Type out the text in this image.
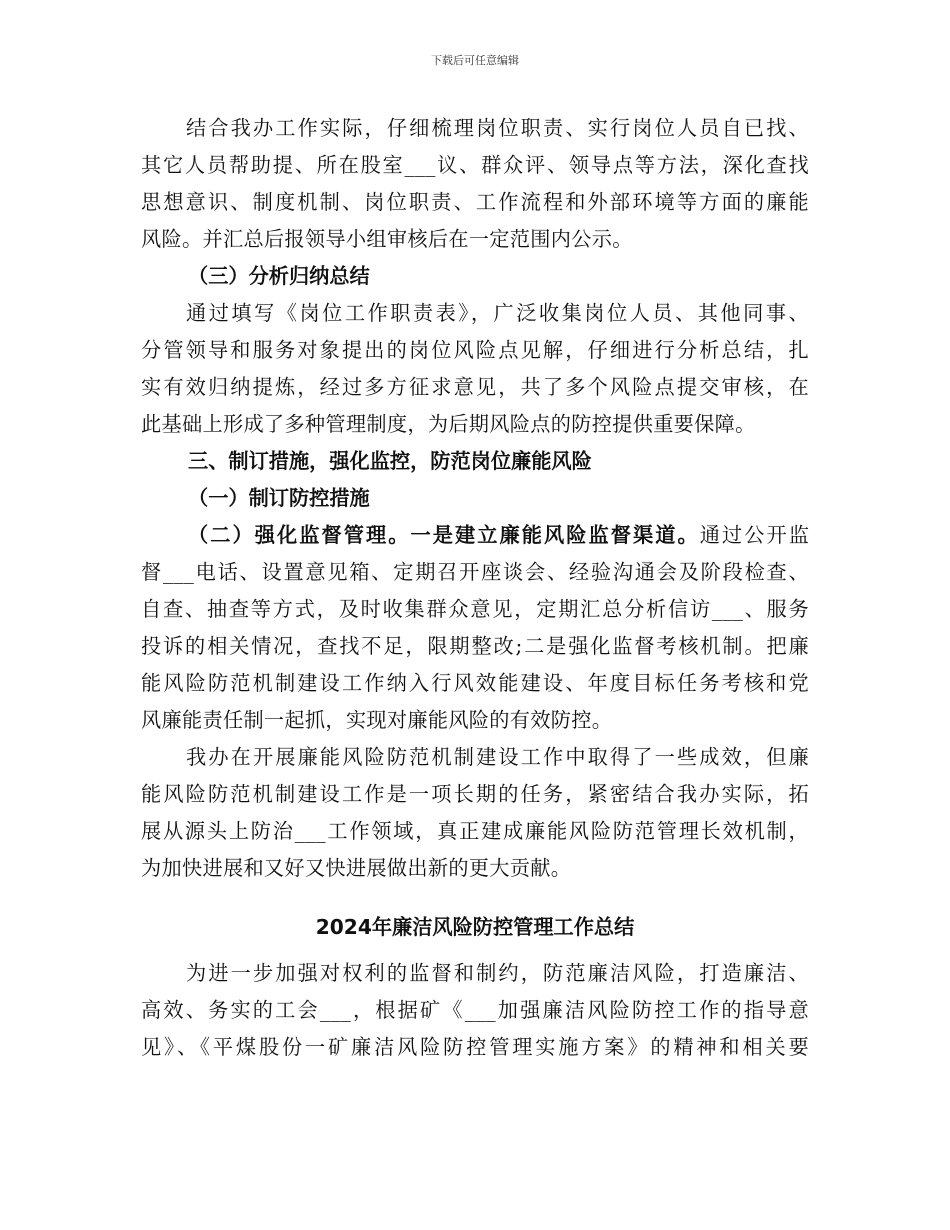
下载后可任意编辑
结合我办工作实际，仔细梳理岗位职责、实行岗位人员自已找、
其它人员帮助提、所在股室___议、群众评、领导点等方法，深化查找
思想意识、制度机制、岗位职责、工作流程和外部环境等方面的廉能
风险。并汇总后报领导小组审核后在一定范围内公示。
（三）分析归纳总结
通过填写《岗位工作职责表》，广泛收集岗位人员、其他同事、
分管领导和服务对象提出的岗位风险点见解，仔细进行分析总结，扎
实有效归纳提炼，经过多方征求意见，共了多个风险点提交审核，在
此基础上形成了多种管理制度，为后期风险点的防控提供重要保障。
三、制订措施，强化监控，防范岗位廉能风险
（一）制订防控措施
（二）强化监督管理。一是建立廉能风险监督渠道。通过公开监
督___电话、设置意见箱、定期召开座谈会、经验沟通会及阶段检查、
自查、抽查等方式，及时收集群众意见，定期汇总分析信访___、服务
投诉的相关情况，查找不足，限期整改;二是强化监督考核机制。把廉
能风险防范机制建设工作纳入行风效能建设、年度目标任务考核和党
风廉能责任制一起抓，实现对廉能风险的有效防控。
我办在开展廉能风险防范机制建设工作中取得了一些成效，但廉
能风险防范机制建设工作是一项长期的任务，紧密结合我办实际，拓
展从源头上防治___工作领域，真正建成廉能风险防范管理长效机制，
为加快进展和又好又快进展做出新的更大贡献。
2024年廉洁风险防控管理工作总结
为进一步加强对权利的监督和制约，防范廉洁风险，打造廉洁、
高效、务实的工会___，根据矿《___加强廉洁风险防控工作的指导意
见》、《平煤股份一矿廉洁风险防控管理实施方案》的精神和相关要
